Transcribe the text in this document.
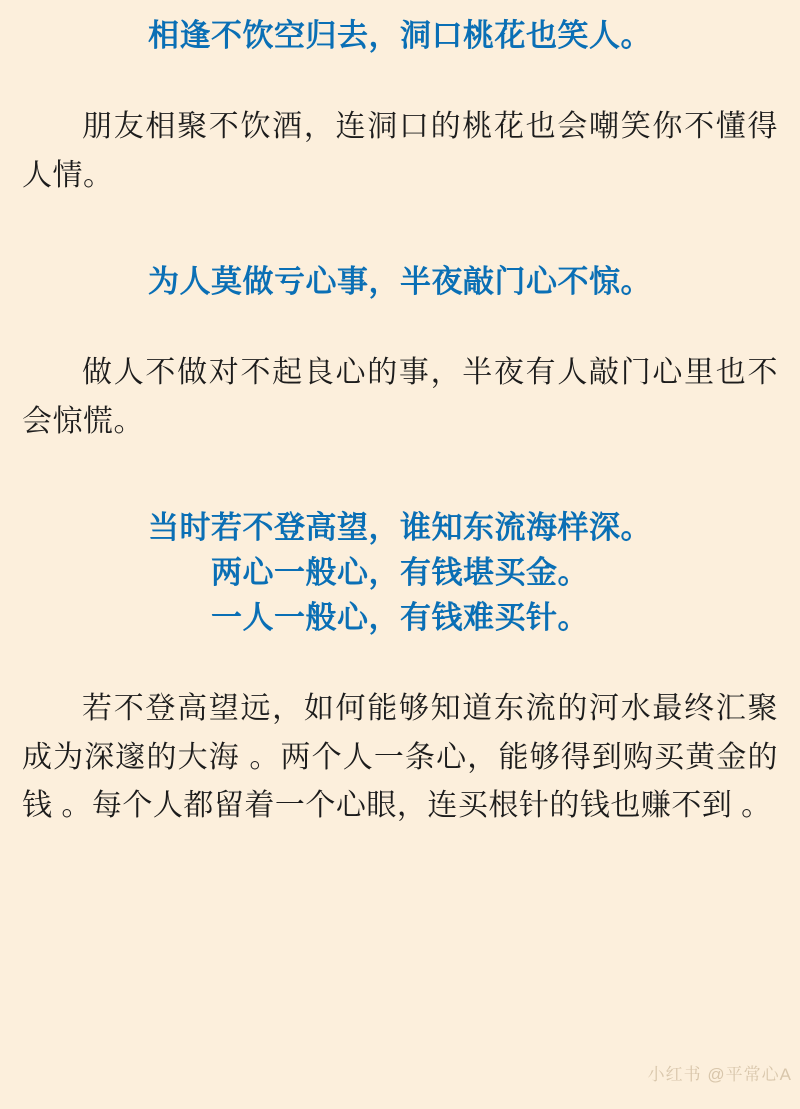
相逢不饮空归去，洞口桃花也笑人。

朋友相聚不饮酒，连洞口的桃花也会嘲笑你不懂得人情。

为人莫做亏心事，半夜敲门心不惊。

做人不做对不起良心的事，半夜有人敲门心里也不会惊慌。

当时若不登高望，谁知东流海样深。

两心一般心，有钱堪买金。

一人一般心，有钱难买针。

若不登高望远，如何能够知道东流的河水最终汇聚成为深邃的大海 。两个人一条心，能够得到购买黄金的钱 。每个人都留着一个心眼，连买根针的钱也赚不到 。

小红书 @平常心A
